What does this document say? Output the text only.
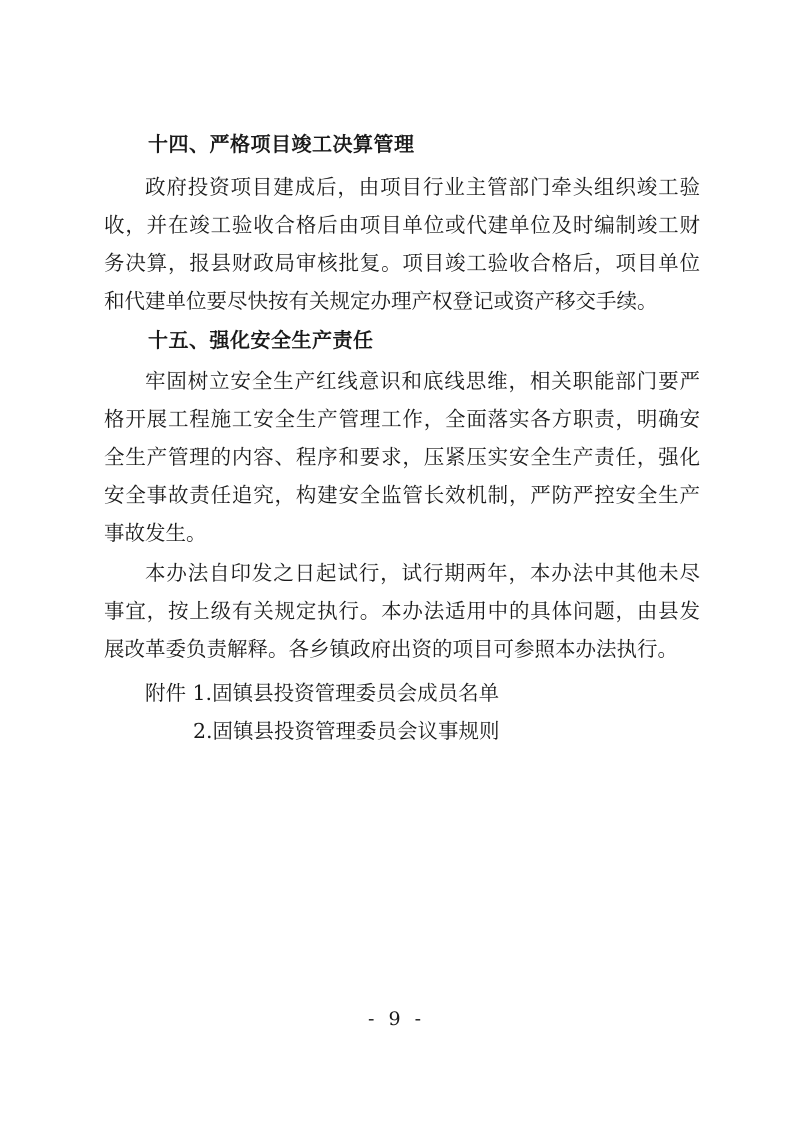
十四、严格项目竣工决算管理
政府投资项目建成后，由项目行业主管部门牵头组织竣工验
收，并在竣工验收合格后由项目单位或代建单位及时编制竣工财
务决算，报县财政局审核批复。项目竣工验收合格后，项目单位
和代建单位要尽快按有关规定办理产权登记或资产移交手续。
十五、强化安全生产责任
牢固树立安全生产红线意识和底线思维，相关职能部门要严
格开展工程施工安全生产管理工作，全面落实各方职责，明确安
全生产管理的内容、程序和要求，压紧压实安全生产责任，强化
安全事故责任追究，构建安全监管长效机制，严防严控安全生产
事故发生。
本办法自印发之日起试行，试行期两年，本办法中其他未尽
事宜，按上级有关规定执行。本办法适用中的具体问题，由县发
展改革委负责解释。各乡镇政府出资的项目可参照本办法执行。
附件 1.固镇县投资管理委员会成员名单
2.固镇县投资管理委员会议事规则
- 9 -
